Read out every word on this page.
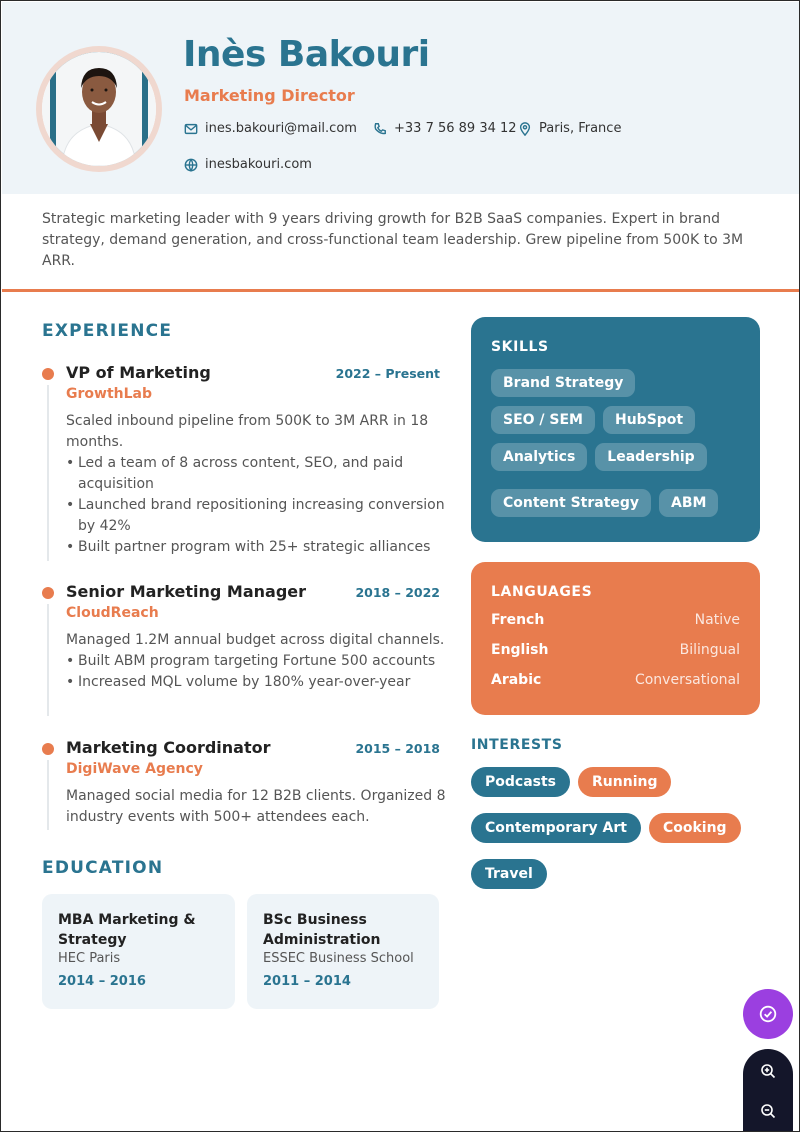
Inès Bakouri
Marketing Director
ines.bakouri@mail.com	+33 7 56 89 34 12 Paris, France
inesbakouri.com
Strategic marketing leader with 9 years driving growth for B2B SaaS companies. Expert in brand strategy, demand generation, and cross-functional team leadership. Grew pipeline from 500K to 3M ARR.
EXPERIENCE
VP of Marketing	2022 – Present
GrowthLab
Scaled inbound pipeline from 500K to 3M ARR in 18 months.
• Led a team of 8 across content, SEO, and paid acquisition
• Launched brand repositioning increasing conversion by 42%
• Built partner program with 25+ strategic alliances
Senior Marketing Manager	2018 – 2022
CloudReach
Managed 1.2M annual budget across digital channels.
• Built ABM program targeting Fortune 500 accounts
• Increased MQL volume by 180% year-over-year
Marketing Coordinator	2015 – 2018
DigiWave Agency
Managed social media for 12 B2B clients. Organized 8 industry events with 500+ attendees each.
EDUCATION
MBA Marketing & Strategy
HEC Paris
2014 – 2016
BSc Business Administration
ESSEC Business School
2011 – 2014
SKILLS
Brand Strategy
SEO / SEM	HubSpot
Analytics	Leadership
Content Strategy	ABM
LANGUAGES
French	Native
English	Bilingual
Arabic	Conversational
INTERESTS
Podcasts	Running
Contemporary Art	Cooking
Travel
